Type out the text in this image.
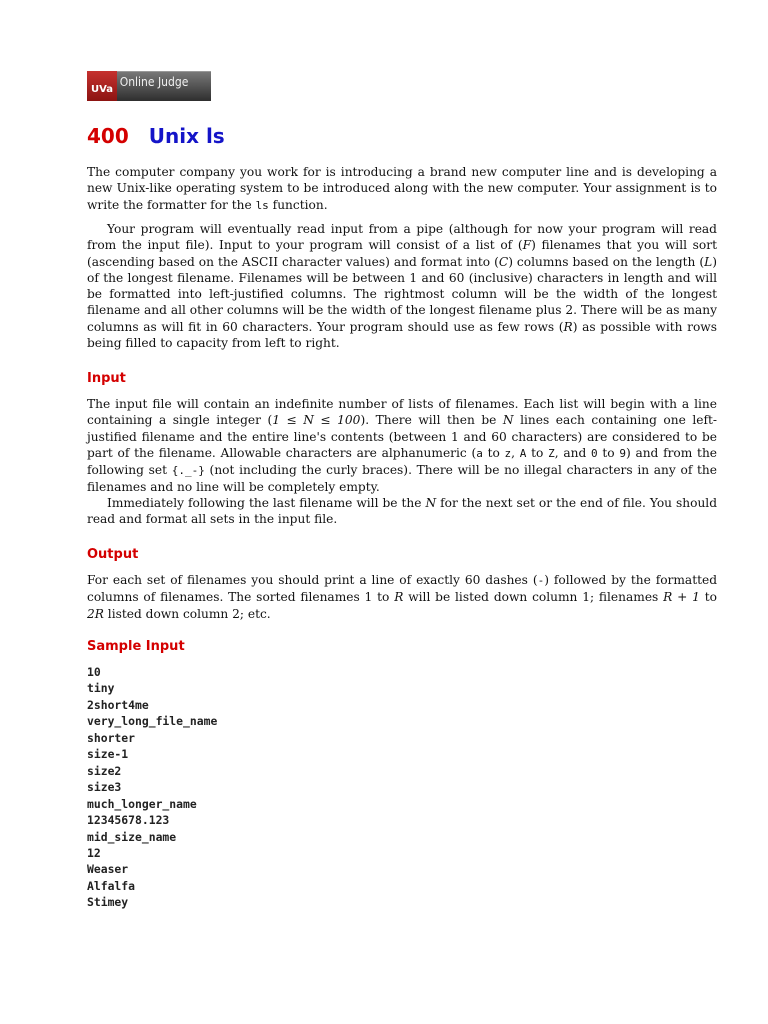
UVa
Online Judge
400 Unix ls

The computer company you work for is introducing a brand new computer line and is developing a new Unix-like operating system to be introduced along with the new computer. Your assignment is to write the formatter for the ls function.

Your program will eventually read input from a pipe (although for now your program will read from the input file). Input to your program will consist of a list of (F) filenames that you will sort (ascending based on the ASCII character values) and format into (C) columns based on the length (L) of the longest filename. Filenames will be between 1 and 60 (inclusive) characters in length and will be formatted into left-justified columns. The rightmost column will be the width of the longest filename and all other columns will be the width of the longest filename plus 2. There will be as many columns as will fit in 60 characters. Your program should use as few rows (R) as possible with rows being filled to capacity from left to right.

Input

The input file will contain an indefinite number of lists of filenames. Each list will begin with a line containing a single integer (1 ≤ N ≤ 100). There will then be N lines each containing one left-justified filename and the entire line's contents (between 1 and 60 characters) are considered to be part of the filename. Allowable characters are alphanumeric (a to z, A to Z, and 0 to 9) and from the following set {._-} (not including the curly braces). There will be no illegal characters in any of the filenames and no line will be completely empty.

Immediately following the last filename will be the N for the next set or the end of file. You should read and format all sets in the input file.

Output

For each set of filenames you should print a line of exactly 60 dashes (-) followed by the formatted columns of filenames. The sorted filenames 1 to R will be listed down column 1; filenames R + 1 to 2R listed down column 2; etc.

Sample Input
10
tiny
2short4me
very_long_file_name
shorter
size-1
size2
size3
much_longer_name
12345678.123
mid_size_name
12
Weaser
Alfalfa
Stimey
